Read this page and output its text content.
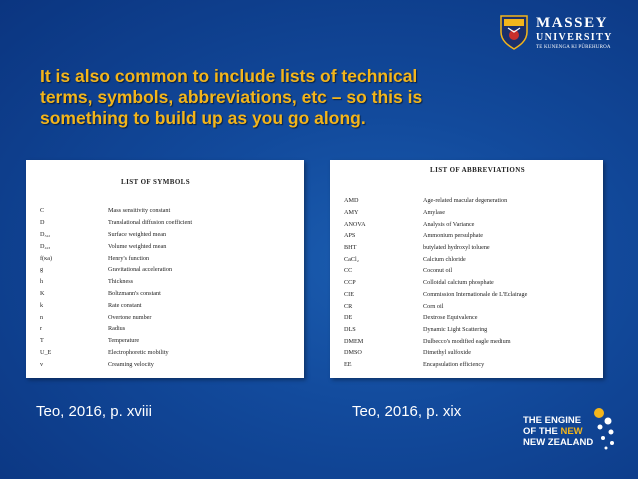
MASSEY
UNIVERSITY
TE KUNENGA KI PŪREHUROA
It is also common to include lists of technical
terms, symbols, abbreviations, etc – so this is
something to build up as you go along.
LIST OF SYMBOLS
C	Mass sensitivity constant
D	Translational diffusion coefficient
D₃,₂	Surface weighted mean
D₄,₃	Volume weighted mean
f(κa)	Henry's function
g	Gravitational acceleration
h	Thickness
K	Boltzmann's constant
k	Rate constant
n	Overtone number
r	Radius
T	Temperature
U_E	Electrophoretic mobility
v	Creaming velocity
LIST OF ABBREVIATIONS
AMD	Age-related macular degeneration
AMY	Amylase
ANOVA	Analysis of Variance
APS	Ammonium persulphate
BHT	butylated hydroxyl toluene
CaCl₂	Calcium chloride
CC	Coconut oil
CCP	Colloidal calcium phosphate
CIE	Commission Internationale de L'Eclairage
CR	Corn oil
DE	Dextrose Equivalence
DLS	Dynamic Light Scattering
DMEM	Dulbecco's modified eagle medium
DMSO	Dimethyl sulfoxide
EE	Encapsulation efficiency
Teo, 2016, p. xviii	Teo, 2016, p. xix
THE ENGINE
OF THE NEW
NEW ZEALAND
